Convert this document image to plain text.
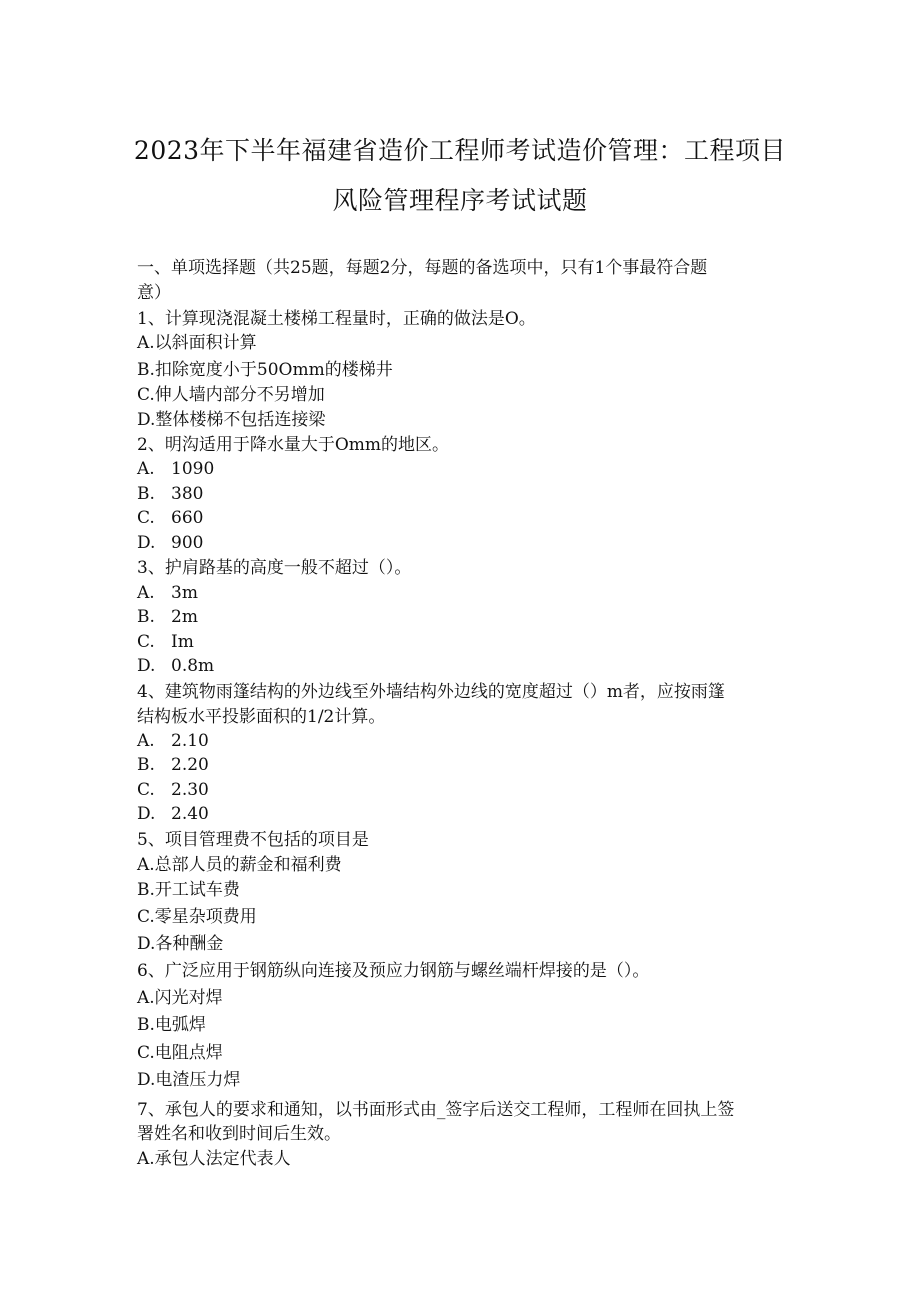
2023年下半年福建省造价工程师考试造价管理：工程项目
风险管理程序考试试题
一、单项选择题（共25题，每题2分，每题的备选项中，只有1个事最符合题
意）
1、计算现浇混凝土楼梯工程量时，正确的做法是O。
A.以斜面积计算
B.扣除宽度小于50Omm的楼梯井
C.伸人墙内部分不另增加
D.整体楼梯不包括连接梁
2、明沟适用于降水量大于Omm的地区。
A. 1090
B. 380
C. 660
D. 900
3、护肩路基的高度一般不超过（）。
A. 3m
B. 2m
C. Im
D. 0.8m
4、建筑物雨篷结构的外边线至外墙结构外边线的宽度超过（）m者，应按雨篷
结构板水平投影面积的1/2计算。
A. 2.10
B. 2.20
C. 2.30
D. 2.40
5、项目管理费不包括的项目是
A.总部人员的薪金和福利费
B.开工试车费
C.零星杂项费用
D.各种酬金
6、广泛应用于钢筋纵向连接及预应力钢筋与螺丝端杆焊接的是（）。
A.闪光对焊
B.电弧焊
C.电阻点焊
D.电渣压力焊
7、承包人的要求和通知，以书面形式由_签字后送交工程师，工程师在回执上签
署姓名和收到时间后生效。
A.承包人法定代表人
